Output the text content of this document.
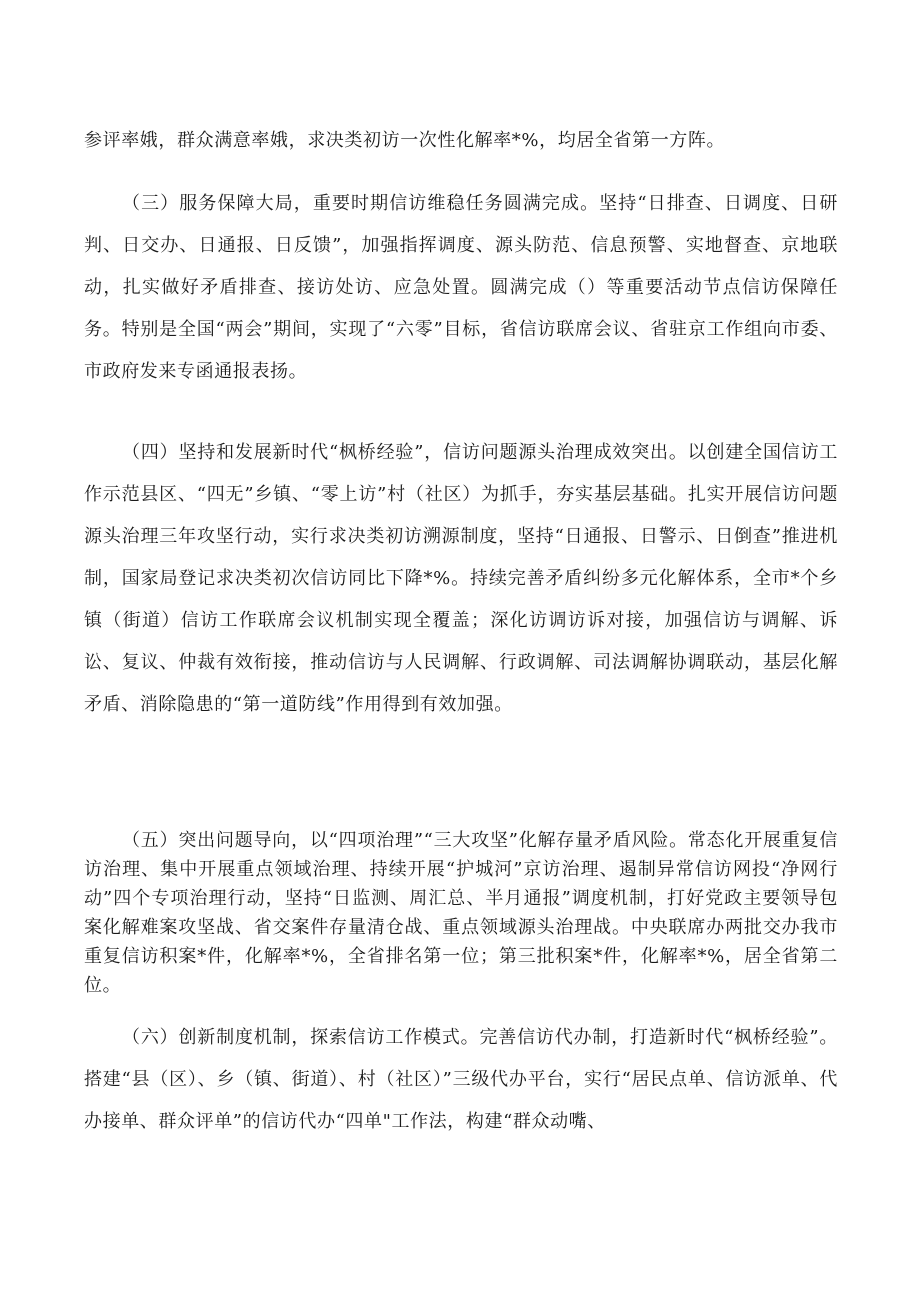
参评率娥，群众满意率娥，求决类初访一次性化解率*%，均居全省第一方阵。

（三）服务保障大局，重要时期信访维稳任务圆满完成。坚持“日排查、日调度、日研判、日交办、日通报、日反馈”，加强指挥调度、源头防范、信息预警、实地督查、京地联动，扎实做好矛盾排查、接访处访、应急处置。圆满完成（）等重要活动节点信访保障任务。特别是全国“两会”期间，实现了“六零”目标，省信访联席会议、省驻京工作组向市委、市政府发来专函通报表扬。

（四）坚持和发展新时代“枫桥经验”，信访问题源头治理成效突出。以创建全国信访工作示范县区、“四无”乡镇、“零上访”村（社区）为抓手，夯实基层基础。扎实开展信访问题源头治理三年攻坚行动，实行求决类初访溯源制度，坚持“日通报、日警示、日倒查”推进机制，国家局登记求决类初次信访同比下降*%。持续完善矛盾纠纷多元化解体系，全市*个乡镇（街道）信访工作联席会议机制实现全覆盖；深化访调访诉对接，加强信访与调解、诉讼、复议、仲裁有效衔接，推动信访与人民调解、行政调解、司法调解协调联动，基层化解矛盾、消除隐患的“第一道防线”作用得到有效加强。

（五）突出问题导向，以“四项治理”“三大攻坚”化解存量矛盾风险。常态化开展重复信访治理、集中开展重点领域治理、持续开展“护城河”京访治理、遏制异常信访网投“净网行动”四个专项治理行动，坚持“日监测、周汇总、半月通报”调度机制，打好党政主要领导包案化解难案攻坚战、省交案件存量清仓战、重点领域源头治理战。中央联席办两批交办我市重复信访积案*件，化解率*%，全省排名第一位；第三批积案*件，化解率*%，居全省第二位。

（六）创新制度机制，探索信访工作模式。完善信访代办制，打造新时代“枫桥经验”。搭建“县（区）、乡（镇、街道）、村（社区）”三级代办平台，实行“居民点单、信访派单、代办接单、群众评单”的信访代办“四单"工作法，构建“群众动嘴、
